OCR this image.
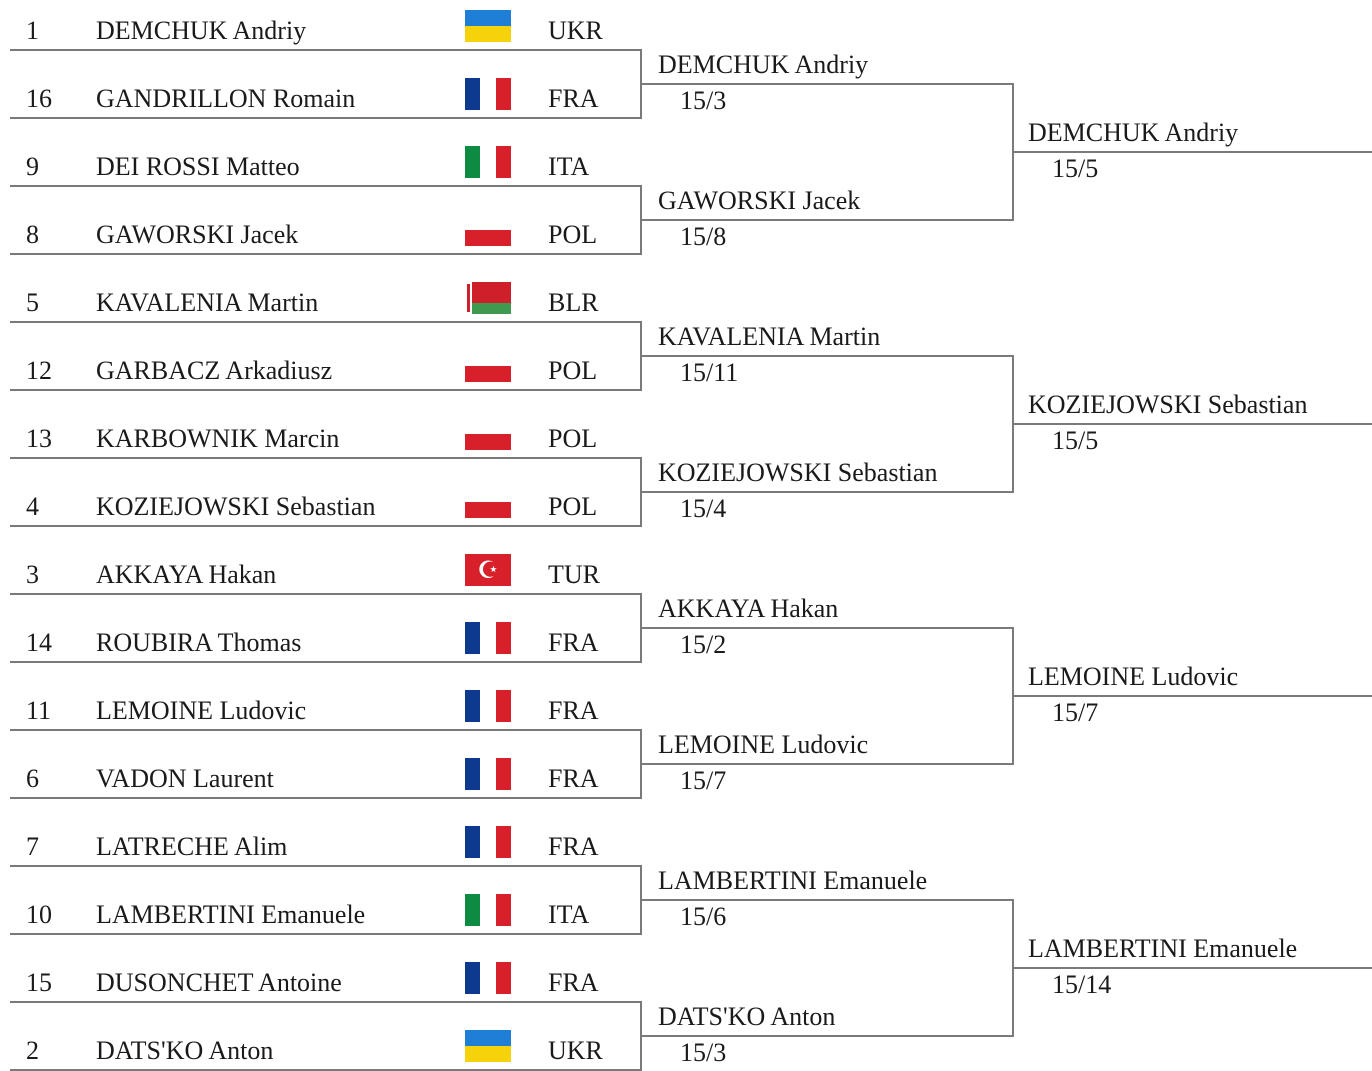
1 DEMCHUK Andriy	UKR
16 GANDRILLON Romain	FRA
9 DEI ROSSI Matteo	ITA
8 GAWORSKI Jacek	POL
5 KAVALENIA Martin	BLR
12 GARBACZ Arkadiusz	POL
13 KARBOWNIK Marcin	POL
4 KOZIEJOWSKI Sebastian	POL
3 AKKAYA Hakan	☪	TUR
14 ROUBIRA Thomas	FRA
11 LEMOINE Ludovic	FRA
6 VADON Laurent	FRA
7 LATRECHE Alim	FRA
10 LAMBERTINI Emanuele	ITA
15 DUSONCHET Antoine	FRA
2 DATS'KO Anton	UKR
DEMCHUK Andriy
15/3
GAWORSKI Jacek
15/8
KAVALENIA Martin
15/11
KOZIEJOWSKI Sebastian
15/4
AKKAYA Hakan
15/2
LEMOINE Ludovic
15/7
LAMBERTINI Emanuele
15/6
DATS'KO Anton
15/3
DEMCHUK Andriy
15/5
KOZIEJOWSKI Sebastian
15/5
LEMOINE Ludovic
15/7
LAMBERTINI Emanuele
15/14
